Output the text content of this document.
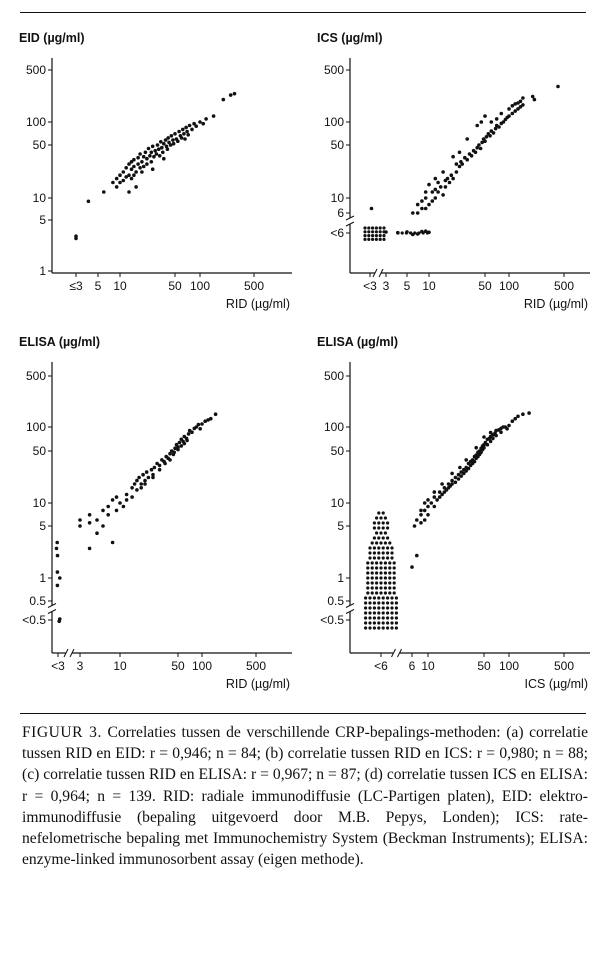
500
100
50
10
5
1
≤3 5 10	50 100	500
EID (µg/ml)
RID (µg/ml)
500
100
50
10
6
<6
<3 3 5 10	50 100	500
ICS (µg/ml)
RID (µg/ml)
500
100
50
10
5
1
0.5
<0.5
<3 3 10	50 100	500
ELISA (µg/ml)
RID (µg/ml)
500
100
50
10
5
1
0.5
<0.5
<6 6 10	50 100	500
ELISA (µg/ml)
ICS (µg/ml)
FIGUUR 3. Correlaties tussen de verschillende CRP-bepalings-methoden: (a) correlatie tussen RID en EID: r = 0,946; n = 84; (b) correlatie tussen RID en ICS: r = 0,980; n = 88; (c) correlatie tussen RID en ELISA: r = 0,967; n = 87; (d) correlatie tussen ICS en ELISA: r = 0,964; n = 139. RID: radiale immunodiffusie (LC-Partigen platen), EID: elektro-immunodiffusie (bepaling uitgevoerd door M.B. Pepys, Londen); ICS: rate-nefelometrische bepaling met Immunochemistry System (Beckman Instruments); ELISA: enzyme-linked immunosorbent assay (eigen methode).
